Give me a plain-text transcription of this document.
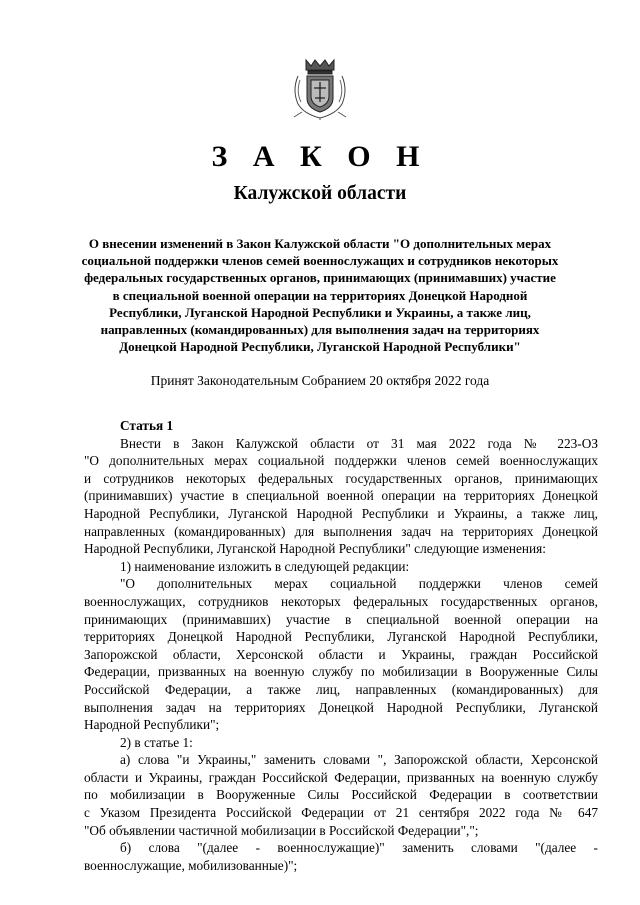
З А К О Н
Калужской области
О внесении изменений в Закон Калужской области "О дополнительных мерах
социальной поддержки членов семей военнослужащих и сотрудников некоторых
федеральных государственных органов, принимающих (принимавших) участие
в специальной военной операции на территориях Донецкой Народной
Республики, Луганской Народной Республики и Украины, а также лиц,
направленных (командированных) для выполнения задач на территориях
Донецкой Народной Республики, Луганской Народной Республики"
Принят Законодательным Собранием 20 октября 2022 года
Статья 1
Внести в Закон Калужской области от 31 мая 2022 года № 223-ОЗ
"О дополнительных мерах социальной поддержки членов семей военнослужащих
и сотрудников некоторых федеральных государственных органов, принимающих
(принимавших) участие в специальной военной операции на территориях Донецкой
Народной Республики, Луганской Народной Республики и Украины, а также лиц,
направленных (командированных) для выполнения задач на территориях Донецкой
Народной Республики, Луганской Народной Республики" следующие изменения:
1) наименование изложить в следующей редакции:
"О дополнительных мерах социальной поддержки членов семей
военнослужащих, сотрудников некоторых федеральных государственных органов,
принимающих (принимавших) участие в специальной военной операции на
территориях Донецкой Народной Республики, Луганской Народной Республики,
Запорожской области, Херсонской области и Украины, граждан Российской
Федерации, призванных на военную службу по мобилизации в Вооруженные Силы
Российской Федерации, а также лиц, направленных (командированных) для
выполнения задач на территориях Донецкой Народной Республики, Луганской
Народной Республики";
2) в статье 1:
а) слова "и Украины," заменить словами ", Запорожской области, Херсонской
области и Украины, граждан Российской Федерации, призванных на военную службу
по мобилизации в Вооруженные Силы Российской Федерации в соответствии
с Указом Президента Российской Федерации от 21 сентября 2022 года № 647
"Об объявлении частичной мобилизации в Российской Федерации",";
б) слова "(далее - военнослужащие)" заменить словами "(далее -
военнослужащие, мобилизованные)";
